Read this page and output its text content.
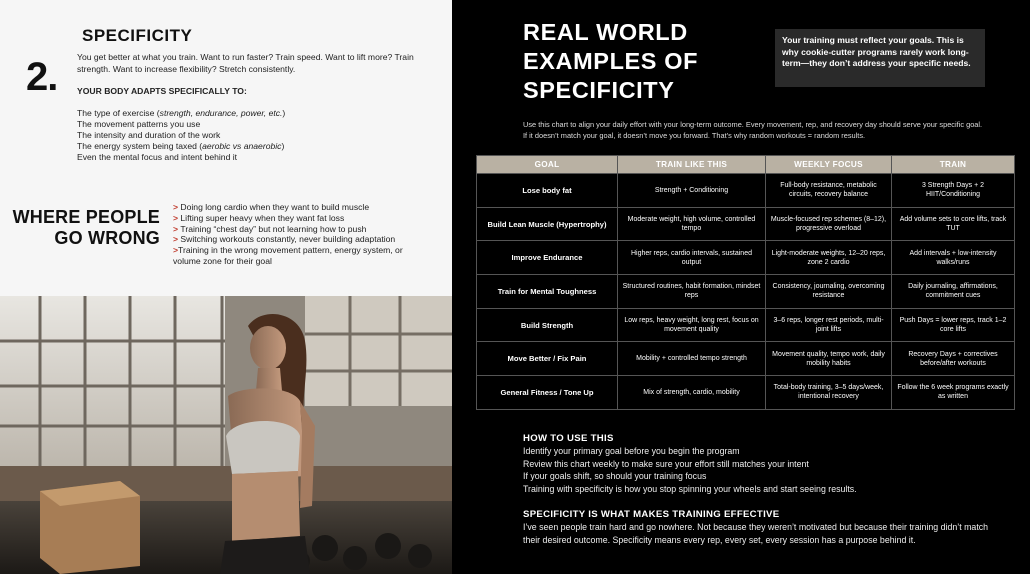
2.
SPECIFICITY

You get better at what you train. Want to run faster? Train speed. Want to lift more? Train strength. Want to increase flexibility? Stretch consistently.

YOUR BODY ADAPTS SPECIFICALLY TO:
The type of exercise (strength, endurance, power, etc.)
The movement patterns you use
The intensity and duration of the work
The energy system being taxed (aerobic vs anaerobic)
Even the mental focus and intent behind it
WHERE PEOPLE
GO WRONG
> Doing long cardio when they want to build muscle
> Lifting super heavy when they want fat loss
> Training “chest day” but not learning how to push
> Switching workouts constantly, never building adaptation
>Training in the wrong movement pattern, energy system, or volume zone for their goal
REAL WORLD
EXAMPLES OF
SPECIFICITY
Your training must reflect your goals. This is why cookie-cutter programs rarely work long-term—they don’t address your specific needs.

Use this chart to align your daily effort with your long-term outcome. Every movement, rep, and recovery day should serve your specific goal. If it doesn’t match your goal, it doesn’t move you forward. That’s why random workouts = random results.

GOAL	TRAIN LIKE THIS	WEEKLY FOCUS	TRAIN
Lose body fat	Strength + Conditioning	Full-body resistance, metabolic circuits, recovery balance	3 Strength Days + 2 HIIT/Conditioning
Build Lean Muscle (Hypertrophy)	Moderate weight, high volume, controlled tempo	Muscle-focused rep schemes (8–12), progressive overload	Add volume sets to core lifts, track TUT
Improve Endurance	Higher reps, cardio intervals, sustained output	Light-moderate weights, 12–20 reps, zone 2 cardio	Add intervals + low-intensity walks/runs
Train for Mental Toughness	Structured routines, habit formation, mindset reps	Consistency, journaling, overcoming resistance	Daily journaling, affirmations, commitment cues
Build Strength	Low reps, heavy weight, long rest, focus on movement quality	3–6 reps, longer rest periods, multi-joint lifts	Push Days = lower reps, track 1–2 core lifts
Move Better / Fix Pain	Mobility + controlled tempo strength	Movement quality, tempo work, daily mobility habits	Recovery Days + correctives before/after workouts
General Fitness / Tone Up	Mix of strength, cardio, mobility	Total-body training, 3–5 days/week, intentional recovery	Follow the 6 week programs exactly as written
HOW TO USE THIS
Identify your primary goal before you begin the program
Review this chart weekly to make sure your effort still matches your intent
If your goals shift, so should your training focus
Training with specificity is how you stop spinning your wheels and start seeing results.
SPECIFICITY IS WHAT MAKES TRAINING EFFECTIVE

I’ve seen people train hard and go nowhere. Not because they weren’t motivated but because their training didn’t match their desired outcome. Specificity means every rep, every set, every session has a purpose behind it.
